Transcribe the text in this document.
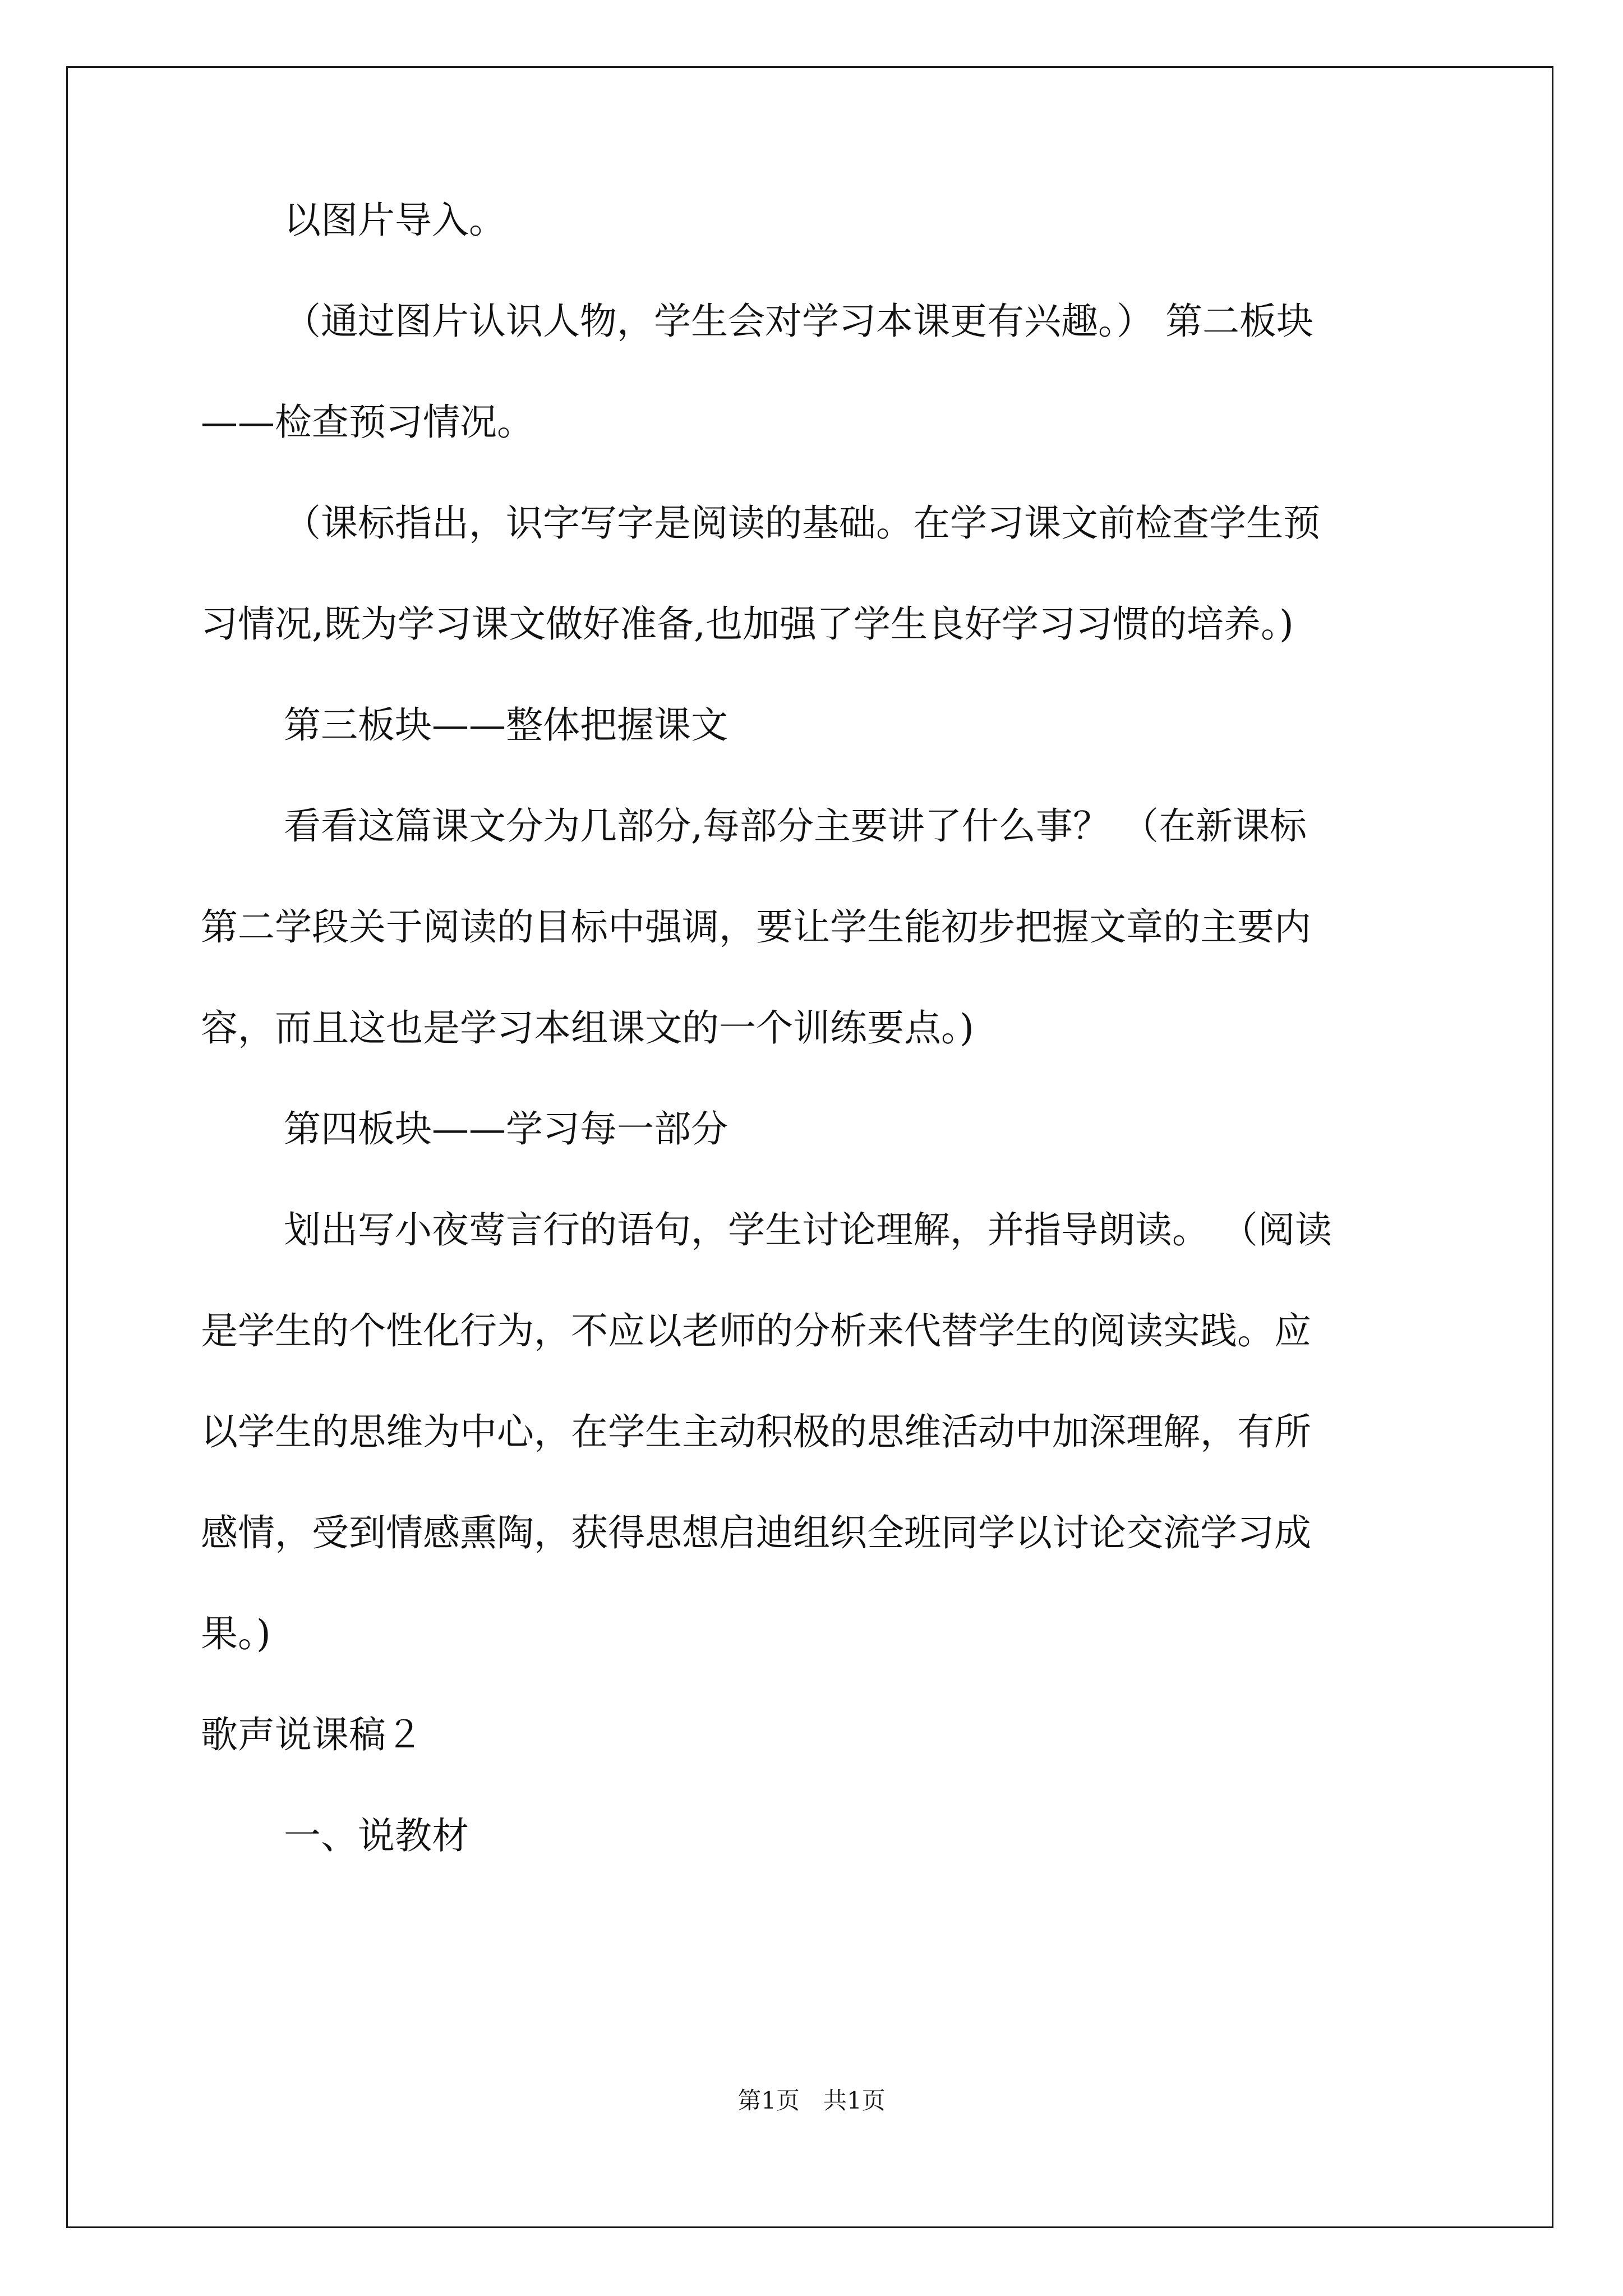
以图片导入。
（通过图片认识人物，学生会对学习本课更有兴趣。） 第二板块
——检查预习情况。
（课标指出，识字写字是阅读的基础。在学习课文前检查学生预
习情况,既为学习课文做好准备,也加强了学生良好学习习惯的培养。)
第三板块——整体把握课文
看看这篇课文分为几部分,每部分主要讲了什么事？ （在新课标
第二学段关于阅读的目标中强调，要让学生能初步把握文章的主要内
容，而且这也是学习本组课文的一个训练要点。)
第四板块——学习每一部分
划出写小夜莺言行的语句，学生讨论理解，并指导朗读。 （阅读
是学生的个性化行为，不应以老师的分析来代替学生的阅读实践。应
以学生的思维为中心，在学生主动积极的思维活动中加深理解，有所
感情，受到情感熏陶，获得思想启迪组织全班同学以讨论交流学习成
果。)
歌声说课稿２
一、说教材
第1页　共1页
